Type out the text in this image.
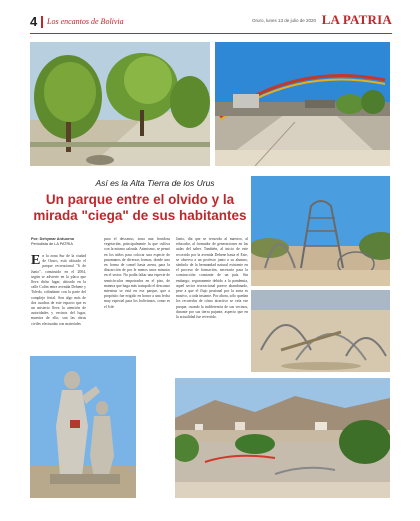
4 Los encantos de Bolivia	Oruro, lunes 13 de julio de 2020 LA PATRIA
Así es la Alta Tierra de los Urus
Un parque entre el olvido y la
mirada "ciega" de sus habitantes
Por: Dehymar Arduorno
Periodista de LA PATRIA
En la zona Sur de la ciudad de Oruro, está ubicado el parque recreacional "6 de Junio", construido en el 2004, según se advierte en la placa que lleva dicho lugar, ubicado en la calle Colón entre avenida Dehene y Toledo, colindante con la parte del complejo ferial. Son algo más de dos cuadras de este espacio que es un misterio lleva la atención de autoridades y vecinos del lugar, muestra de ello, son las obras civiles efectuadas con materiales
para el descanso, zona una frondosa vegetación, principalmente la que cultiva con la misma calzada. Asimismo, se pensó en los niños para colocar una especie de pasamanos de diversas formas, donde uno en forma de camel hasta arena, para la distracción de por le menos unos minutos en el sector. No podía faltar una especie de semicírculos empotrados en el piso, de manera que haga más tranquilo el descanso mientras se está en ese parque, que a propósito fue erigido en honor a una fecha muy especial para los bolivianos, como es el 6 de
Junio, día que se recuerda al maestro, al educador, al formador de generaciones en las aulas del saber. También, al inicio de este recorrido por la avenida Dehene hasta el Este, se observa a un profesor junto a su alumno, símbolo de la hermandad natural existente en el proceso de formación, necesario para la construcción constante de un país. Sin embargo, seguramente debido a la pandemia, aquel sector recreacional parece abandonado, pese a que el flujo peatonal por la zona es masivo, a toda instante. Por ahora, sólo quedan los recuerdos de cómo atractivo se veía ese parque, cuando la indiferencia de sus vecinos, durante por sus tierra pujante, aspecto que en la actualidad fue revertido.
